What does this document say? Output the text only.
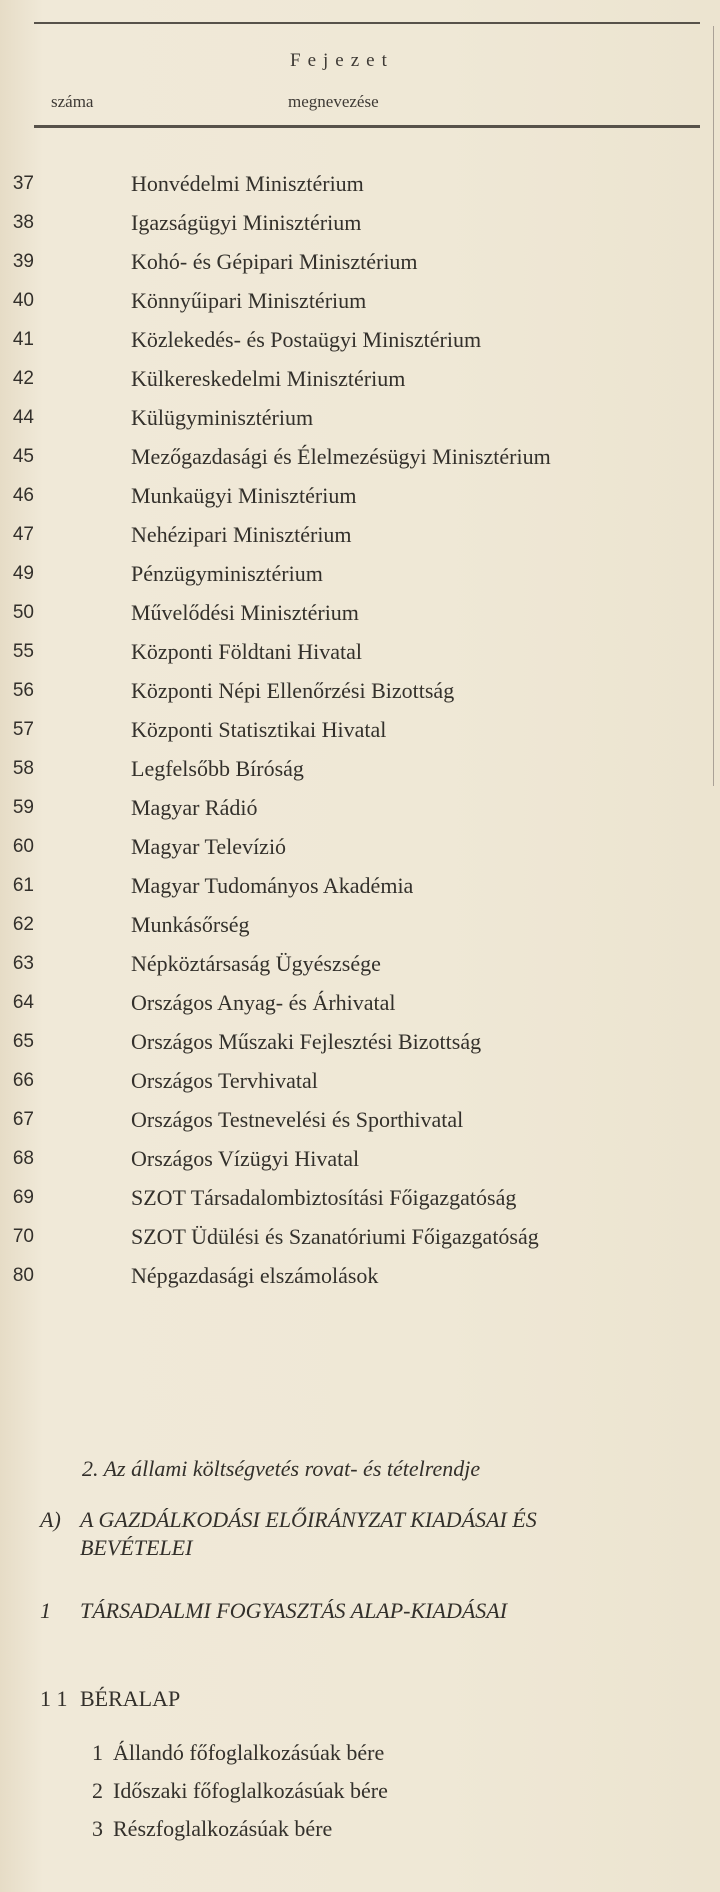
Fejezet
száma	megnevezése
37	Honvédelmi Minisztérium
38	Igazságügyi Minisztérium
39	Kohó- és Gépipari Minisztérium
40	Könnyűipari Minisztérium
41	Közlekedés- és Postaügyi Minisztérium
42	Külkereskedelmi Minisztérium
44	Külügyminisztérium
45	Mezőgazdasági és Élelmezésügyi Minisztérium
46	Munkaügyi Minisztérium
47	Nehézipari Minisztérium
49	Pénzügyminisztérium
50	Művelődési Minisztérium
55	Központi Földtani Hivatal
56	Központi Népi Ellenőrzési Bizottság
57	Központi Statisztikai Hivatal
58	Legfelsőbb Bíróság
59	Magyar Rádió
60	Magyar Televízió
61	Magyar Tudományos Akadémia
62	Munkásőrség
63	Népköztársaság Ügyészsége
64	Országos Anyag- és Árhivatal
65	Országos Műszaki Fejlesztési Bizottság
66	Országos Tervhivatal
67	Országos Testnevelési és Sporthivatal
68	Országos Vízügyi Hivatal
69	SZOT Társadalombiztosítási Főigazgatóság
70	SZOT Üdülési és Szanatóriumi Főigazgatóság
80	Népgazdasági elszámolások
2. Az állami költségvetés rovat- és tételrendje
A) A GAZDÁLKODÁSI ELŐIRÁNYZAT KIADÁSAI ÉS BEVÉTELEI
1 TÁRSADALMI FOGYASZTÁS ALAP-KIADÁSAI
1 1 BÉRALAP
1 Állandó főfoglalkozásúak bére
2 Időszaki főfoglalkozásúak bére
3 Részfoglalkozásúak bére
